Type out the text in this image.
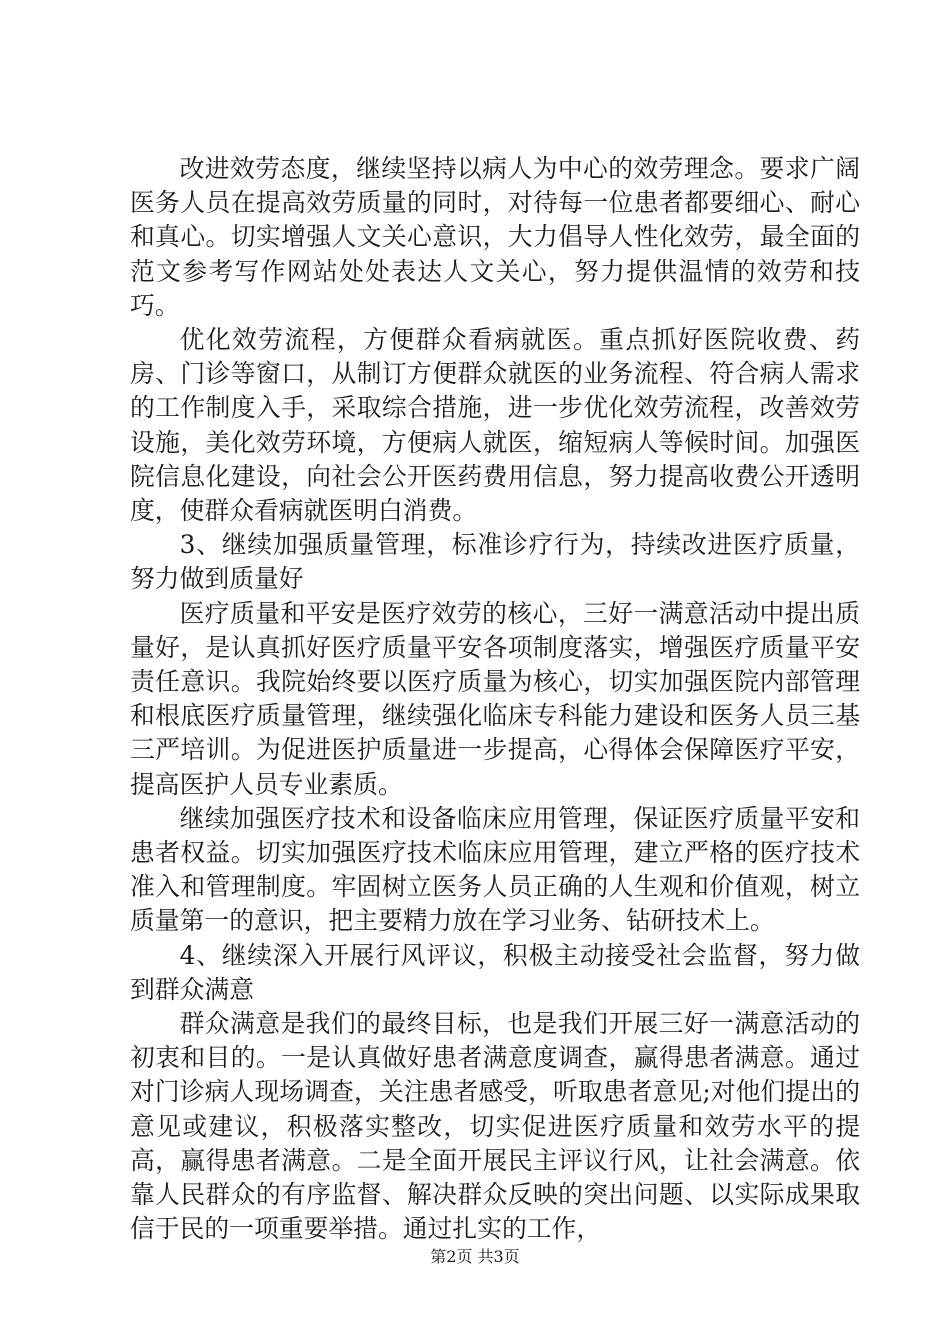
改进效劳态度，继续坚持以病人为中心的效劳理念。要求广阔医务人员在提高效劳质量的同时，对待每一位患者都要细心、耐心和真心。切实增强人文关心意识，大力倡导人性化效劳，最全面的范文参考写作网站处处表达人文关心，努力提供温情的效劳和技巧。

优化效劳流程，方便群众看病就医。重点抓好医院收费、药房、门诊等窗口，从制订方便群众就医的业务流程、符合病人需求的工作制度入手，采取综合措施，进一步优化效劳流程，改善效劳设施，美化效劳环境，方便病人就医，缩短病人等候时间。加强医院信息化建设，向社会公开医药费用信息，努力提高收费公开透明度，使群众看病就医明白消费。

3、继续加强质量管理，标准诊疗行为，持续改进医疗质量，努力做到质量好

医疗质量和平安是医疗效劳的核心，三好一满意活动中提出质量好，是认真抓好医疗质量平安各项制度落实，增强医疗质量平安责任意识。我院始终要以医疗质量为核心，切实加强医院内部管理和根底医疗质量管理，继续强化临床专科能力建设和医务人员三基三严培训。为促进医护质量进一步提高，心得体会保障医疗平安，提高医护人员专业素质。

继续加强医疗技术和设备临床应用管理，保证医疗质量平安和患者权益。切实加强医疗技术临床应用管理，建立严格的医疗技术准入和管理制度。牢固树立医务人员正确的人生观和价值观，树立质量第一的意识，把主要精力放在学习业务、钻研技术上。

4、继续深入开展行风评议，积极主动接受社会监督，努力做到群众满意

群众满意是我们的最终目标，也是我们开展三好一满意活动的初衷和目的。一是认真做好患者满意度调查，赢得患者满意。通过对门诊病人现场调查，关注患者感受，听取患者意见;对他们提出的意见或建议，积极落实整改，切实促进医疗质量和效劳水平的提高，赢得患者满意。二是全面开展民主评议行风，让社会满意。依靠人民群众的有序监督、解决群众反映的突出问题、以实际成果取信于民的一项重要举措。通过扎实的工作，

第2页 共3页
